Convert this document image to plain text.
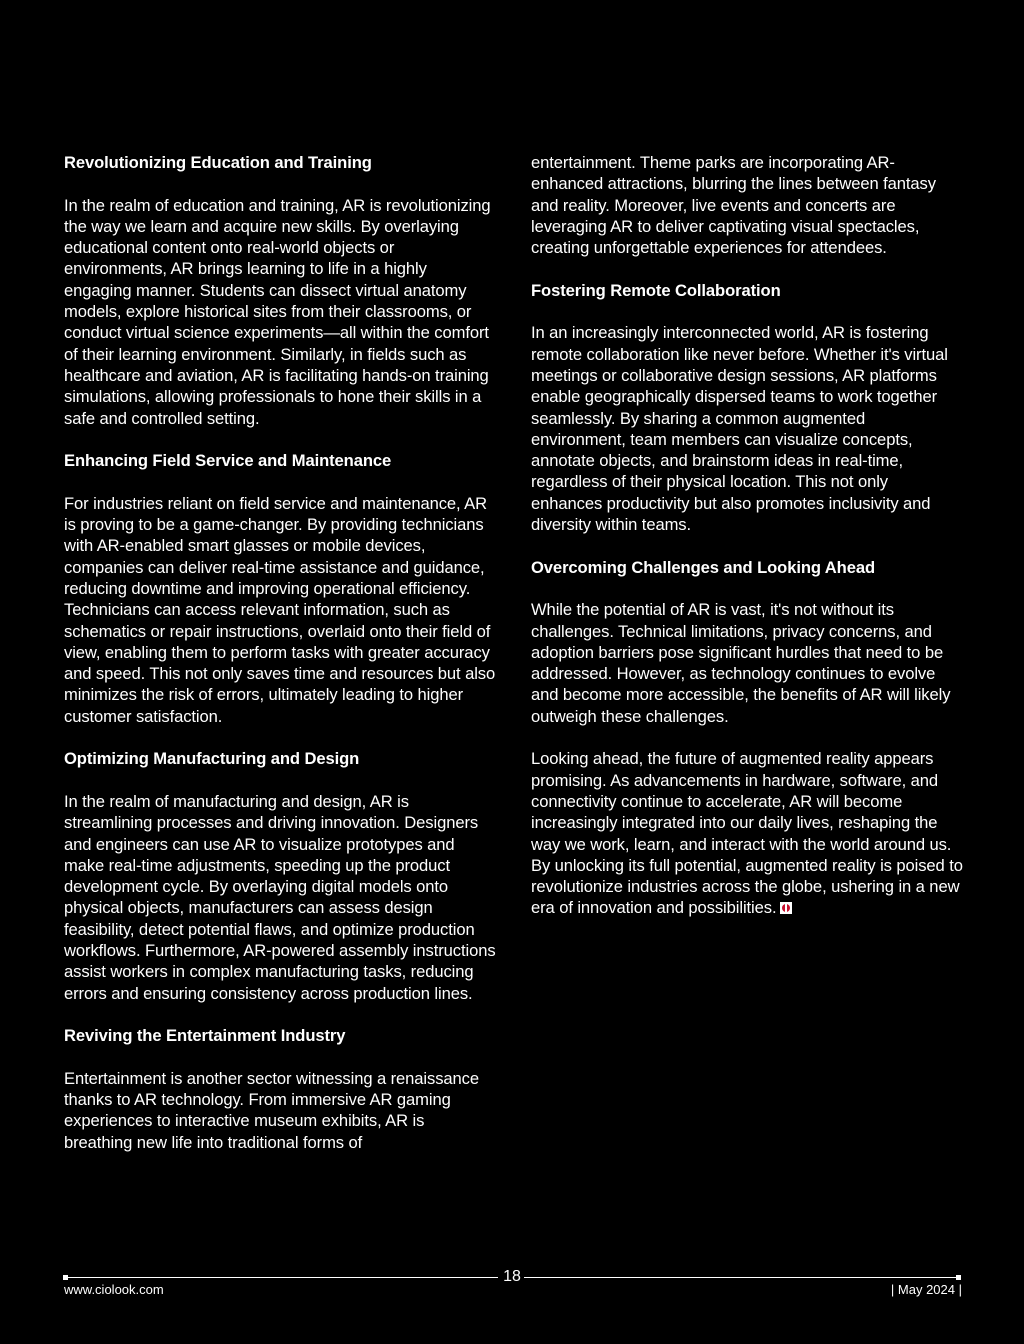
Revolutionizing Education and Training

In the realm of education and training, AR is revolutionizing the way we learn and acquire new skills. By overlaying educational content onto real-world objects or environments, AR brings learning to life in a highly engaging manner. Students can dissect virtual anatomy models, explore historical sites from their classrooms, or conduct virtual science experiments—all within the comfort of their learning environment. Similarly, in fields such as healthcare and aviation, AR is facilitating hands-on training simulations, allowing professionals to hone their skills in a safe and controlled setting.

Enhancing Field Service and Maintenance

For industries reliant on field service and maintenance, AR is proving to be a game-changer. By providing technicians with AR-enabled smart glasses or mobile devices, companies can deliver real-time assistance and guidance, reducing downtime and improving operational efficiency. Technicians can access relevant information, such as schematics or repair instructions, overlaid onto their field of view, enabling them to perform tasks with greater accuracy and speed. This not only saves time and resources but also minimizes the risk of errors, ultimately leading to higher customer satisfaction.

Optimizing Manufacturing and Design

In the realm of manufacturing and design, AR is streamlining processes and driving innovation. Designers and engineers can use AR to visualize prototypes and make real-time adjustments, speeding up the product development cycle. By overlaying digital models onto physical objects, manufacturers can assess design feasibility, detect potential flaws, and optimize production workflows. Furthermore, AR-powered assembly instructions assist workers in complex manufacturing tasks, reducing errors and ensuring consistency across production lines.

Reviving the Entertainment Industry

Entertainment is another sector witnessing a renaissance thanks to AR technology. From immersive AR gaming experiences to interactive museum exhibits, AR is breathing new life into traditional forms of

entertainment. Theme parks are incorporating AR-enhanced attractions, blurring the lines between fantasy and reality. Moreover, live events and concerts are leveraging AR to deliver captivating visual spectacles, creating unforgettable experiences for attendees.

Fostering Remote Collaboration

In an increasingly interconnected world, AR is fostering remote collaboration like never before. Whether it's virtual meetings or collaborative design sessions, AR platforms enable geographically dispersed teams to work together seamlessly. By sharing a common augmented environment, team members can visualize concepts, annotate objects, and brainstorm ideas in real-time, regardless of their physical location. This not only enhances productivity but also promotes inclusivity and diversity within teams.

Overcoming Challenges and Looking Ahead

While the potential of AR is vast, it's not without its challenges. Technical limitations, privacy concerns, and adoption barriers pose significant hurdles that need to be addressed. However, as technology continues to evolve and become more accessible, the benefits of AR will likely outweigh these challenges.

Looking ahead, the future of augmented reality appears promising. As advancements in hardware, software, and connectivity continue to accelerate, AR will become increasingly integrated into our daily lives, reshaping the way we work, learn, and interact with the world around us. By unlocking its full potential, augmented reality is poised to revolutionize industries across the globe, ushering in a new era of innovation and possibilities.

18
www.ciolook.com	| May 2024 |
